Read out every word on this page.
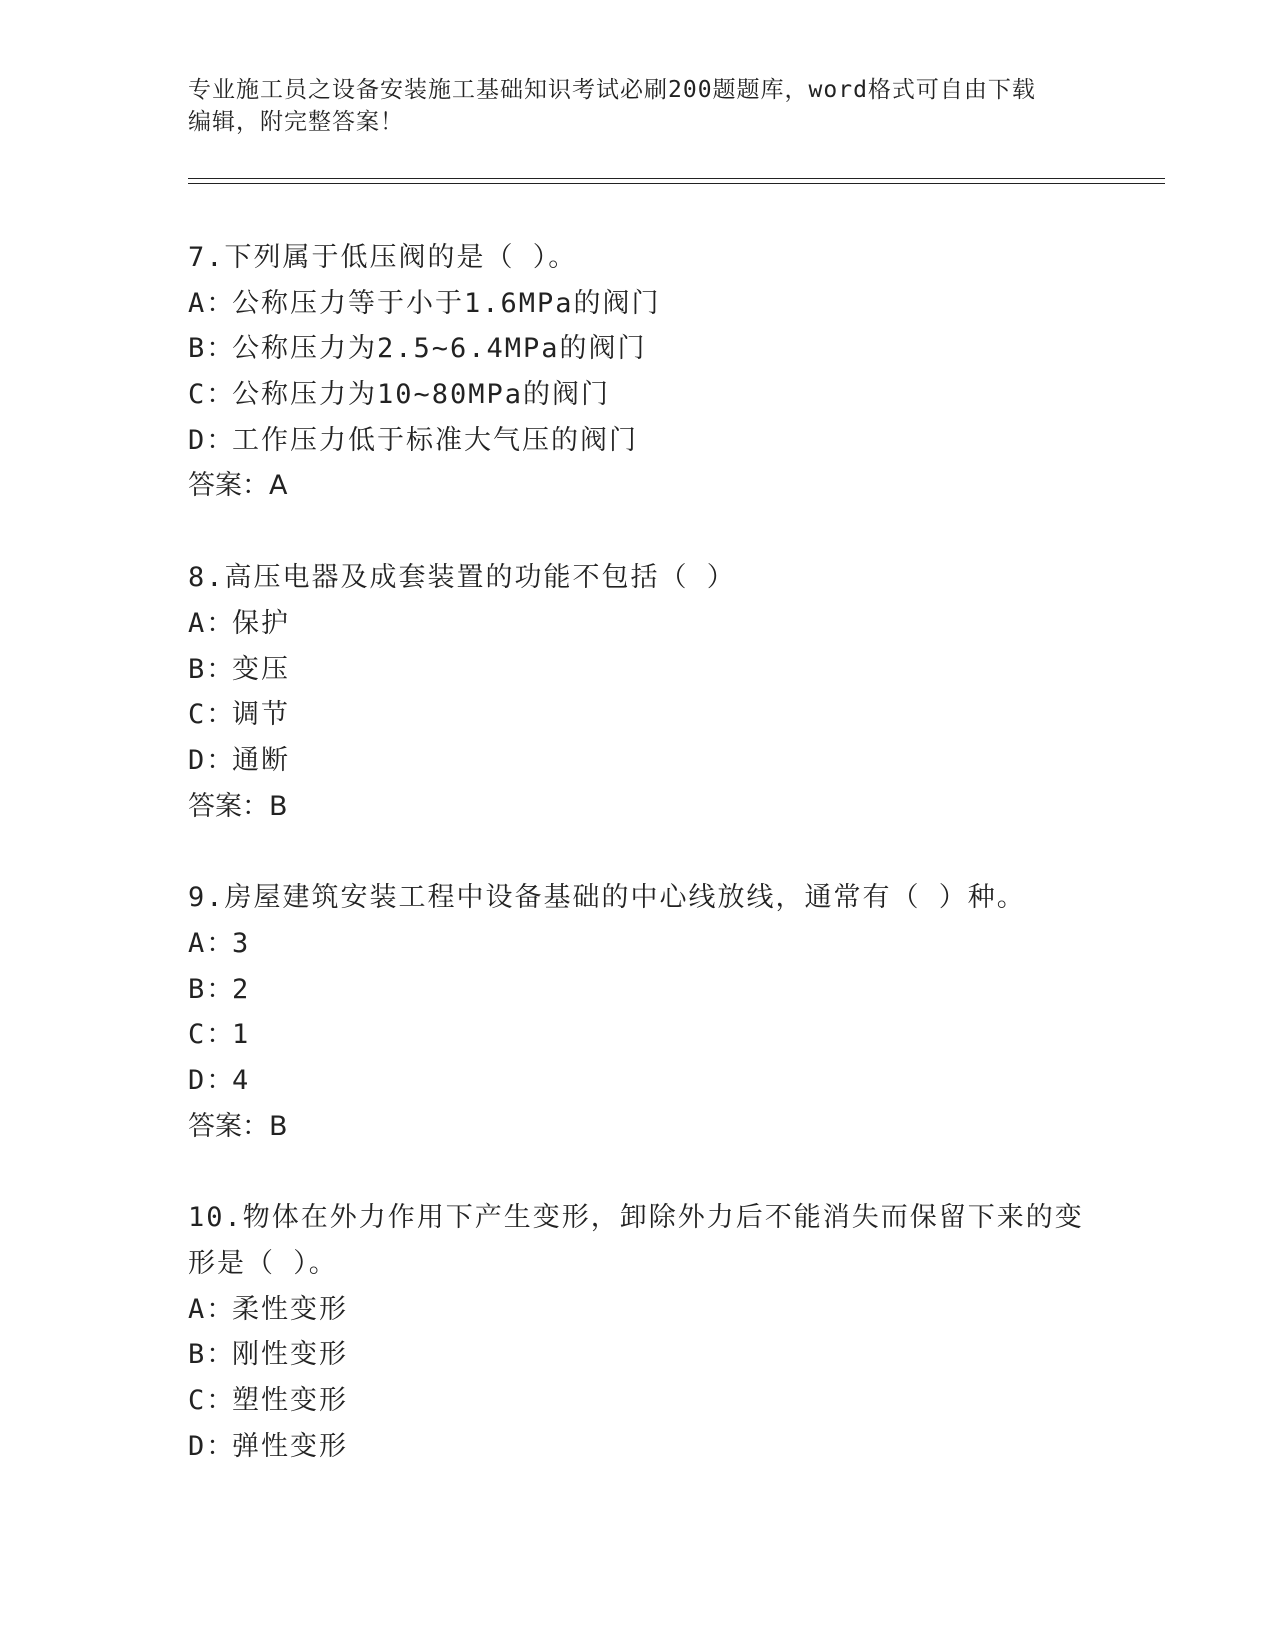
专业施工员之设备安装施工基础知识考试必刷200题题库，word格式可自由下载
编辑，附完整答案！
7.下列属于低压阀的是（ ）。
A：公称压力等于小于1.6MPa的阀门
B：公称压力为2.5~6.4MPa的阀门
C：公称压力为10~80MPa的阀门
D：工作压力低于标准大气压的阀门
答案：A
8.高压电器及成套装置的功能不包括（ ）
A：保护
B：变压
C：调节
D：通断
答案：B
9.房屋建筑安装工程中设备基础的中心线放线，通常有（ ）种。
A：3
B：2
C：1
D：4
答案：B
10.物体在外力作用下产生变形，卸除外力后不能消失而保留下来的变
形是（ ）。
A：柔性变形
B：刚性变形
C：塑性变形
D：弹性变形
